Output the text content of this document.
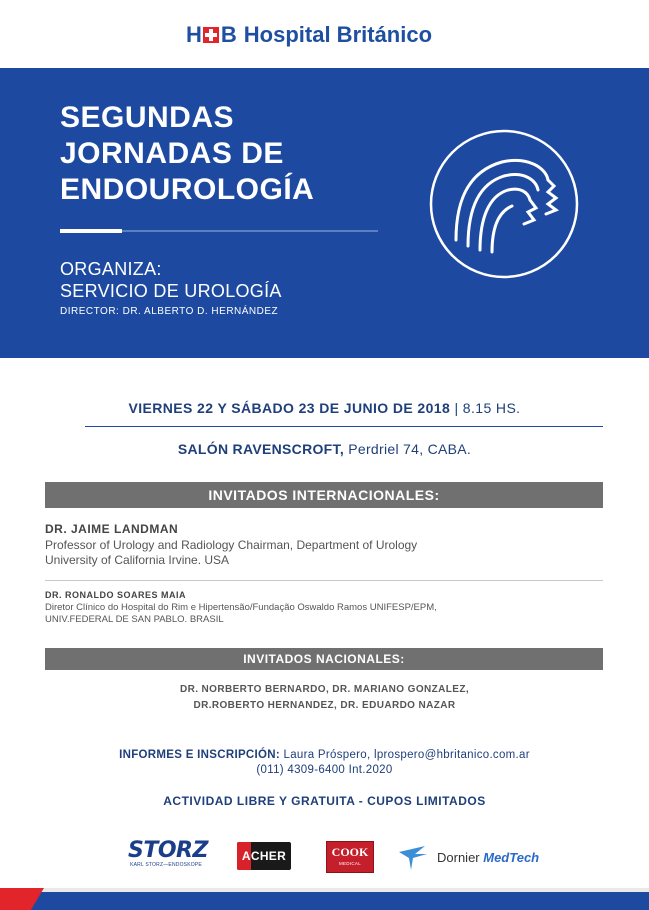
H B Hospital Británico
SEGUNDAS
JORNADAS DE
ENDOUROLOGÍA
ORGANIZA:
SERVICIO DE UROLOGÍA
DIRECTOR: DR. ALBERTO D. HERNÁNDEZ
VIERNES 22 Y SÁBADO 23 DE JUNIO DE 2018 | 8.15 HS.
SALÓN RAVENSCROFT, Perdriel 74, CABA.
INVITADOS INTERNACIONALES:
DR. JAIME LANDMAN
Professor of Urology and Radiology Chairman, Department of Urology
University of California Irvine. USA
DR. RONALDO SOARES MAIA
Diretor Clínico do Hospital do Rim e Hipertensão/Fundação Oswaldo Ramos UNIFESP/EPM,
UNIV.FEDERAL DE SAN PABLO. BRASIL
INVITADOS NACIONALES:
DR. NORBERTO BERNARDO, DR. MARIANO GONZALEZ,
DR.ROBERTO HERNANDEZ, DR. EDUARDO NAZAR
INFORMES E INSCRIPCIÓN: Laura Próspero, lprospero@hbritanico.com.ar
(011) 4309-6400 Int.2020
ACTIVIDAD LIBRE Y GRATUITA - CUPOS LIMITADOS
STORZ
KARL STORZ—ENDOSKOPE
ACHER	COOK
MEDICAL	Dornier MedTech
